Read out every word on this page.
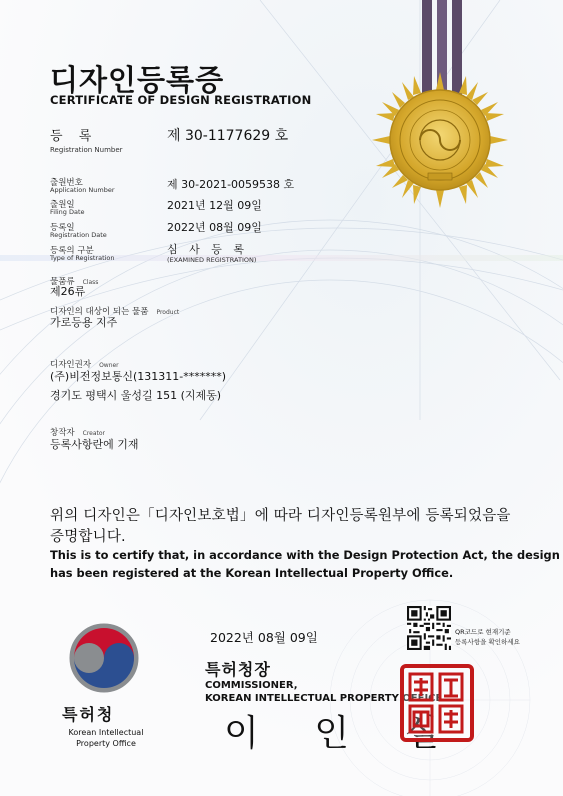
디자인등록증
CERTIFICATE OF DESIGN REGISTRATION
등 록
Registration Number
제 30-1177629 호
출원번호
Application Number	제 30-2021-0059538 호
출원일
Filing Date	2021년 12월 09일
등록일
Registration Date
2022년 08월 09일
등록의 구분
Type of Registration
심 사 등 록
(EXAMINED REGISTRATION)
물품류 Class
제26류
디자인의 대상이 되는 물품 Product
가로등용 지주
디자인권자 Owner
(주)비전정보통신(131311-*******)
경기도 평택시 울성길 151 (지제동)
창작자 Creator
등록사항란에 기재
위의 디자인은「디자인보호법」에 따라 디자인등록원부에 등록되었음을
증명합니다.
This is to certify that, in accordance with the Design Protection Act, the design
has been registered at the Korean Intellectual Property Office.
특허청
Korean Intellectual
Property Office
2022년 08월 09일
특허청장
COMMISSIONER,
KOREAN INTELLECTUAL PROPERTY OFFICE
이 인 실
QR코드로 현재기준
등록사항을 확인하세요
